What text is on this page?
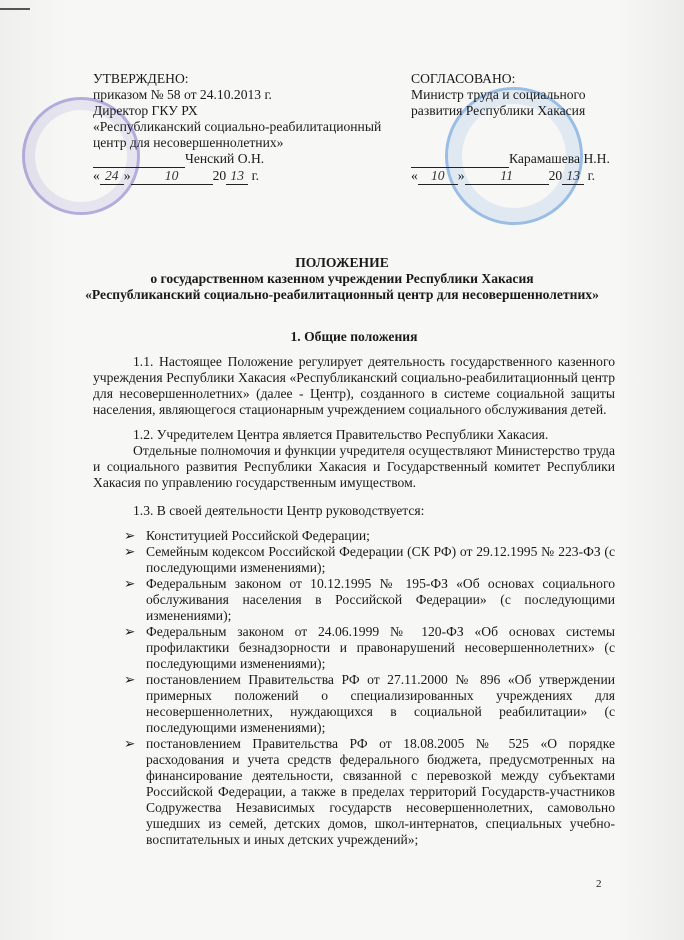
УТВЕРЖДЕНО:
приказом № 58 от 24.10.2013 г.
Директор ГКУ РХ
«Республиканский социально-реабилитационный
центр для несовершеннолетних»
Ченский О.Н.
« 24 »	10	20 13 г.
СОГЛАСОВАНО:
Министр труда и социального
развития Республики Хакасия

Карамашева Н.Н.
« 10 »	11	20 13 г.
ПОЛОЖЕНИЕ
о государственном казенном учреждении Республики Хакасия
«Республиканский социально-реабилитационный центр для несовершеннолетних»
1. Общие положения

1.1. Настоящее Положение регулирует деятельность государственного казенного учреждения Республики Хакасия «Республиканский социально-реабилитационный центр для несовершеннолетних» (далее - Центр), созданного в системе социальной защиты населения, являющегося стационарным учреждением социального обслуживания детей.

1.2. Учредителем Центра является Правительство Республики Хакасия.

Отдельные полномочия и функции учредителя осуществляют Министерство труда и социального развития Республики Хакасия и Государственный комитет Республики Хакасия по управлению государственным имуществом.

1.3. В своей деятельности Центр руководствуется:

➢ Конституцией Российской Федерации;
➢ Семейным кодексом Российской Федерации (СК РФ) от 29.12.1995 № 223-ФЗ (с последующими изменениями);
➢ Федеральным законом от 10.12.1995 № 195-ФЗ «Об основах социального обслуживания населения в Российской Федерации» (с последующими изменениями);
➢ Федеральным законом от 24.06.1999 № 120-ФЗ «Об основах системы профилактики безнадзорности и правонарушений несовершеннолетних» (с последующими изменениями);
➢ постановлением Правительства РФ от 27.11.2000 № 896 «Об утверждении примерных положений о специализированных учреждениях для несовершеннолетних, нуждающихся в социальной реабилитации» (с последующими изменениями);
➢ постановлением Правительства РФ от 18.08.2005 № 525 «О порядке расходования и учета средств федерального бюджета, предусмотренных на финансирование деятельности, связанной с перевозкой между субъектами Российской Федерации, а также в пределах территорий Государств-участников Содружества Независимых государств несовершеннолетних, самовольно ушедших из семей, детских домов, школ-интернатов, специальных учебно-воспитательных и иных детских учреждений»;
2
